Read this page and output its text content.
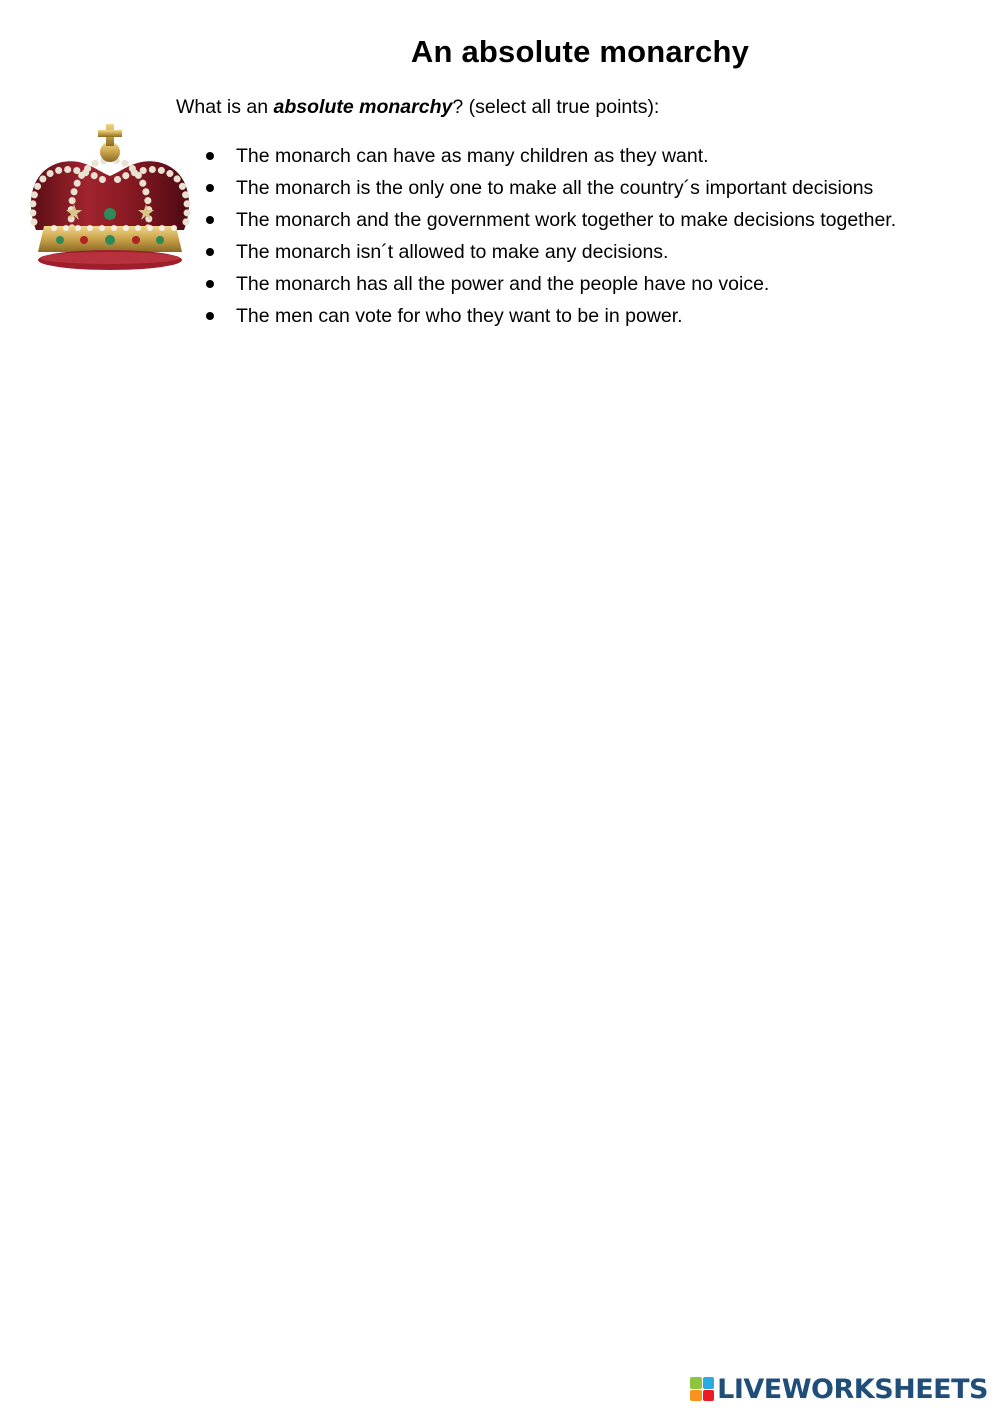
An absolute monarchy
What is an absolute monarchy? (select all true points):
The monarch can have as many children as they want.
The monarch is the only one to make all the country´s important decisions
The monarch and the government work together to make decisions together.
The monarch isn´t allowed to make any decisions.
The monarch has all the power and the people have no voice.
The men can vote for who they want to be in power.
LIVEWORKSHEETS
